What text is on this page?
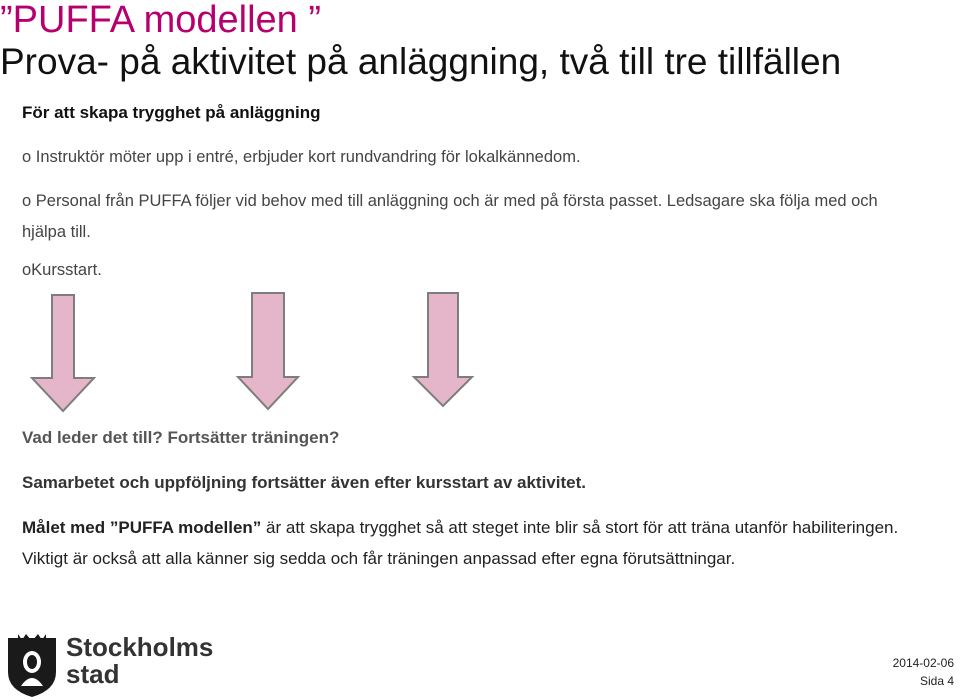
”PUFFA modellen ”
Prova- på aktivitet på anläggning, två till tre tillfällen
För att skapa trygghet på anläggning
o Instruktör möter upp i entré, erbjuder kort rundvandring för lokalkännedom.
o Personal från PUFFA följer vid behov med till anläggning och är med på första passet. Ledsagare ska följa med och hjälpa till.
oKursstart.
Vad leder det till? Fortsätter träningen?
Samarbetet och uppföljning fortsätter även efter kursstart av aktivitet.
Målet med ”PUFFA modellen” är att skapa trygghet så att steget inte blir så stort för att träna utanför habiliteringen. Viktigt är också att alla känner sig sedda och får träningen anpassad efter egna förutsättningar.
Stockholms
stad	2014-02-06
Sida 4
